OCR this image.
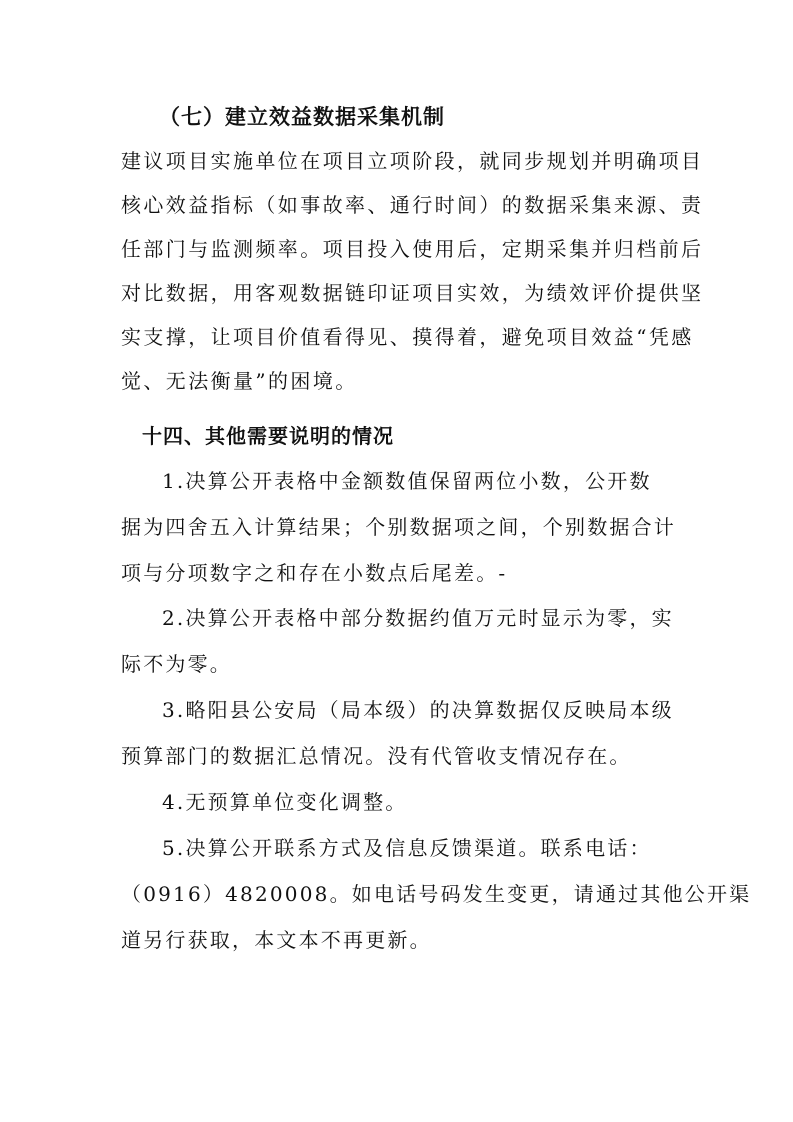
（七）建立效益数据采集机制

建议项目实施单位在项目立项阶段，就同步规划并明确项目
核心效益指标（如事故率、通行时间）的数据采集来源、责
任部门与监测频率。项目投入使用后，定期采集并归档前后
对比数据，用客观数据链印证项目实效，为绩效评价提供坚
实支撑，让项目价值看得见、摸得着，避免项目效益“凭感
觉、无法衡量”的困境。

十四、其他需要说明的情况

1.决算公开表格中金额数值保留两位小数，公开数
据为四舍五入计算结果；个别数据项之间，个别数据合计
项与分项数字之和存在小数点后尾差。-

2.决算公开表格中部分数据约值万元时显示为零，实
际不为零。

3.略阳县公安局（局本级）的决算数据仅反映局本级
预算部门的数据汇总情况。没有代管收支情况存在。

4.无预算单位变化调整。

5.决算公开联系方式及信息反馈渠道。联系电话：
（0916）4820008。如电话号码发生变更，请通过其他公开渠
道另行获取，本文本不再更新。
